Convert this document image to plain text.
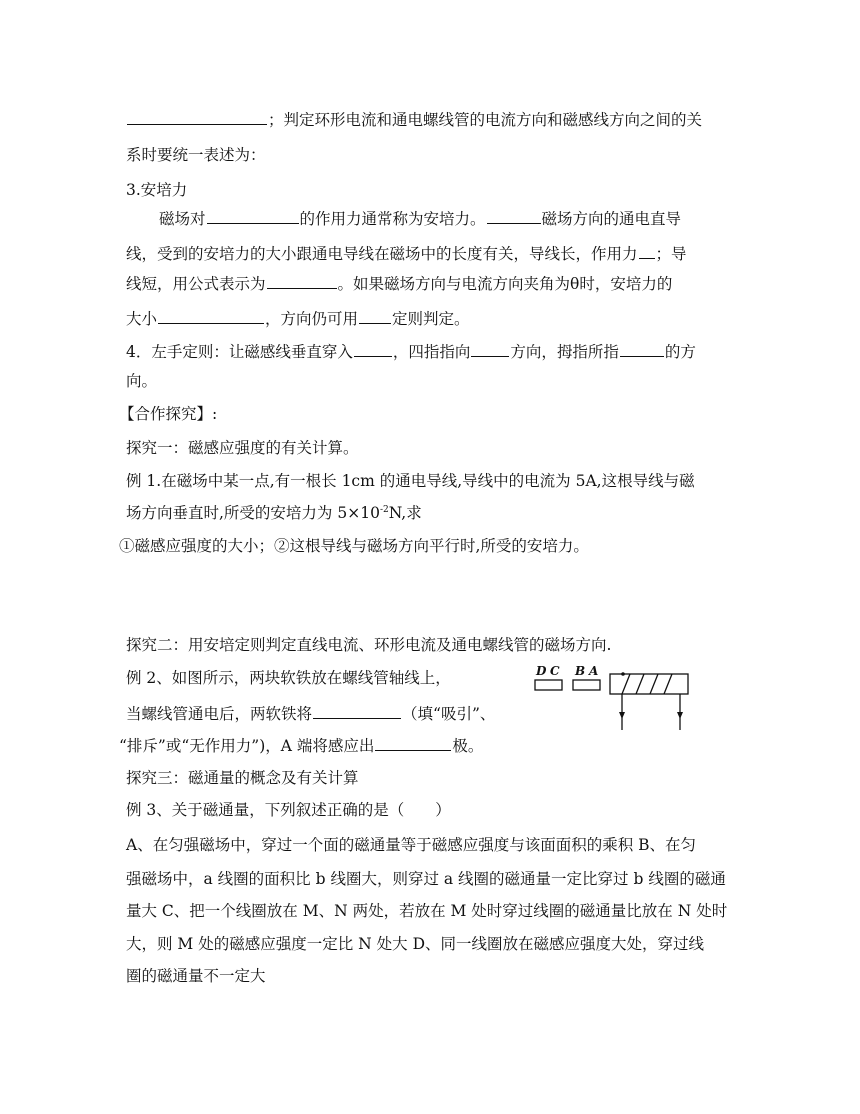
；判定环形电流和通电螺线管的电流方向和磁感线方向之间的关
系时要统一表述为：
3.安培力
磁场对	的作用力通常称为安培力。	磁场方向的通电直导
线，受到的安培力的大小跟通电导线在磁场中的长度有关，导线长，作用力 ；导
线短，用公式表示为	。如果磁场方向与电流方向夹角为θ时，安培力的
大小	，方向仍可用 定则判定。
4．左手定则：让磁感线垂直穿入	，四指指向	方向，拇指所指	的方
向。
【合作探究】:
探究一：磁感应强度的有关计算。
例 1.在磁场中某一点,有一根长 1cm 的通电导线,导线中的电流为 5A,这根导线与磁
场方向垂直时,所受的安培力为 $5\times 10^{-2}N$,求
①磁感应强度的大小；②这根导线与磁场方向平行时,所受的安培力。
探究二：用安培定则判定直线电流、环形电流及通电螺线管的磁场方向.
例 2、如图所示，两块软铁放在螺线管轴线上，
当螺线管通电后，两软铁将	（填“吸引”、
“排斥”或“无作用力”)，A 端将感应出	极。
探究三：磁通量的概念及有关计算
例 3、关于磁通量，下列叙述正确的是（　　）
A、在匀强磁场中，穿过一个面的磁通量等于磁感应强度与该面面积的乘积 B、在匀
强磁场中，a 线圈的面积比 b 线圈大，则穿过 a 线圈的磁通量一定比穿过 b 线圈的磁通
量大 C、把一个线圈放在 M、N 两处，若放在 M 处时穿过线圈的磁通量比放在 N 处时
大，则 M 处的磁感应强度一定比 N 处大 D、同一线圈放在磁感应强度大处，穿过线
圈的磁通量不一定大
D C B A
